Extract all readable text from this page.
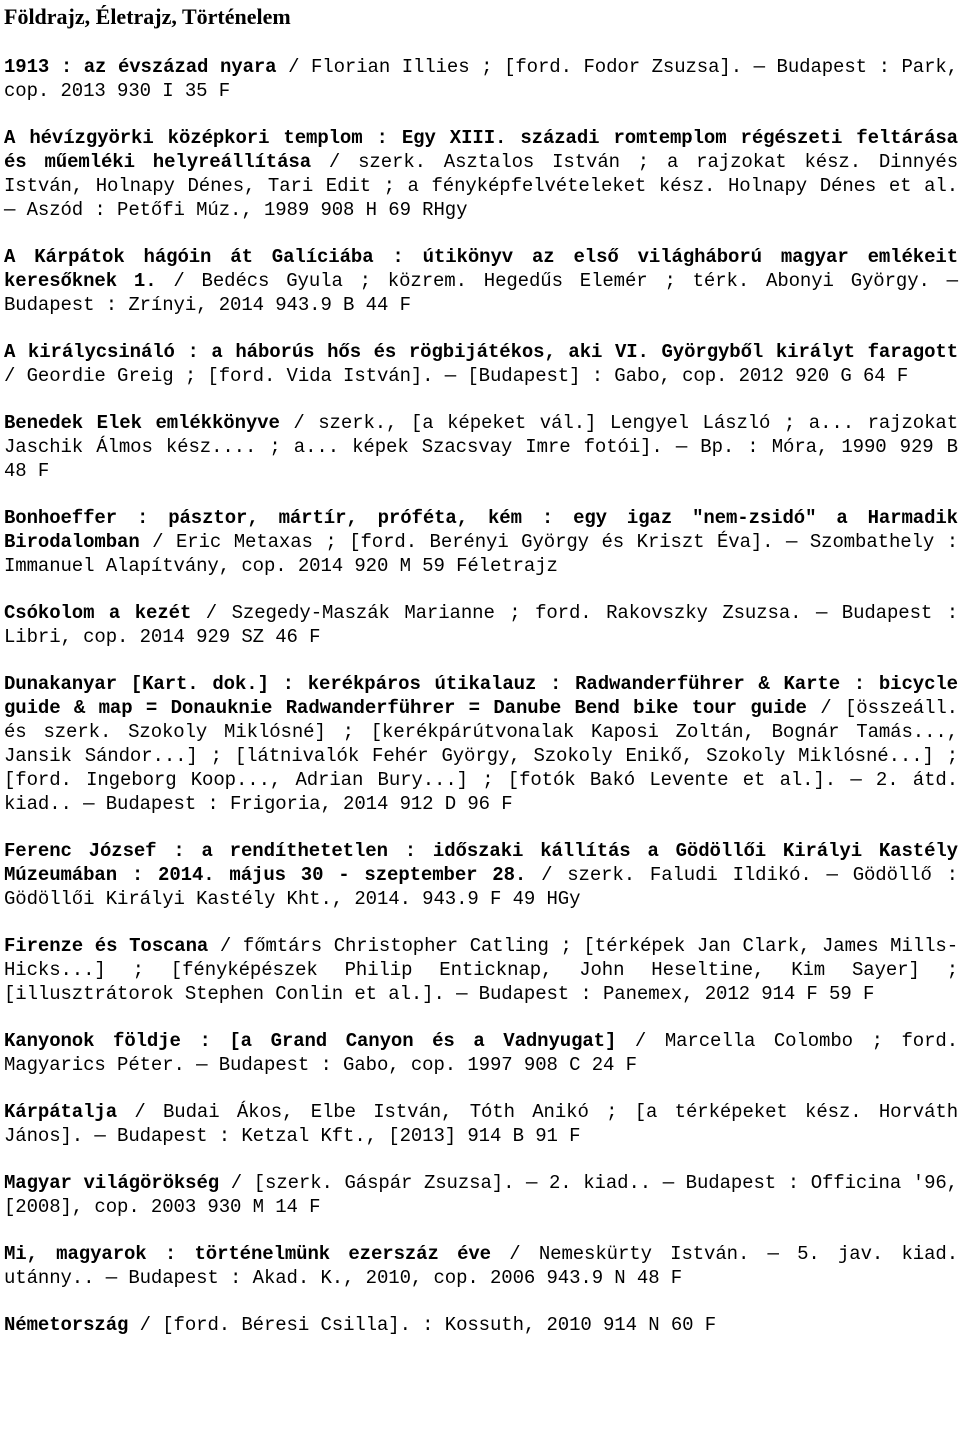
Földrajz, Életrajz, Történelem
1913 : az évszázad nyara / Florian Illies ; [ford. Fodor Zsuzsa]. — Budapest : Park, cop. 2013 930 I 35 F
A hévízgyörki középkori templom : Egy XIII. századi romtemplom régészeti feltárása és műemléki helyreállítása / szerk. Asztalos István ; a rajzokat kész. Dinnyés István, Holnapy Dénes, Tari Edit ; a fényképfelvételeket kész. Holnapy Dénes et al. — Aszód : Petőfi Múz., 1989 908 H 69 RHgy
A Kárpátok hágóin át Galíciába : útikönyv az első világháború magyar emlékeit keresőknek 1. / Bedécs Gyula ; közrem. Hegedűs Elemér ; térk. Abonyi György. — Budapest : Zrínyi, 2014 943.9 B 44 F
A királycsináló : a háborús hős és rögbijátékos, aki VI. Györgyből királyt faragott / Geordie Greig ; [ford. Vida István]. — [Budapest] : Gabo, cop. 2012 920 G 64 F
Benedek Elek emlékkönyve / szerk., [a képeket vál.] Lengyel László ; a... rajzokat Jaschik Álmos kész.... ; a... képek Szacsvay Imre fotói]. — Bp. : Móra, 1990 929 B 48 F
Bonhoeffer : pásztor, mártír, próféta, kém : egy igaz "nem-zsidó" a Harmadik Birodalomban / Eric Metaxas ; [ford. Berényi György és Kriszt Éva]. — Szombathely : Immanuel Alapítvány, cop. 2014 920 M 59 Féletrajz
Csókolom a kezét / Szegedy-Maszák Marianne ; ford. Rakovszky Zsuzsa. — Budapest : Libri, cop. 2014 929 SZ 46 F
Dunakanyar [Kart. dok.] : kerékpáros útikalauz : Radwanderführer & Karte : bicycle guide & map = Donauknie Radwanderführer = Danube Bend bike tour guide / [összeáll. és szerk. Szokoly Miklósné] ; [kerékpárútvonalak Kaposi Zoltán, Bognár Tamás..., Jansik Sándor...] ; [látnivalók Fehér György, Szokoly Enikő, Szokoly Miklósné...] ; [ford. Ingeborg Koop..., Adrian Bury...] ; [fotók Bakó Levente et al.]. — 2. átd. kiad.. — Budapest : Frigoria, 2014 912 D 96 F
Ferenc József : a rendíthetetlen : időszaki kállítás a Gödöllői Királyi Kastély Múzeumában : 2014. május 30 - szeptember 28. / szerk. Faludi Ildikó. — Gödöllő : Gödöllői Királyi Kastély Kht., 2014. 943.9 F 49 HGy
Firenze és Toscana / főmtárs Christopher Catling ; [térképek Jan Clark, James Mills-Hicks...] ; [fényképészek Philip Enticknap, John Heseltine, Kim Sayer] ; [illusztrátorok Stephen Conlin et al.]. — Budapest : Panemex, 2012 914 F 59 F
Kanyonok földje : [a Grand Canyon és a Vadnyugat] / Marcella Colombo ; ford. Magyarics Péter. — Budapest : Gabo, cop. 1997 908 C 24 F
Kárpátalja / Budai Ákos, Elbe István, Tóth Anikó ; [a térképeket kész. Horváth János]. — Budapest : Ketzal Kft., [2013] 914 B 91 F
Magyar világörökség / [szerk. Gáspár Zsuzsa]. — 2. kiad.. — Budapest : Officina '96, [2008], cop. 2003 930 M 14 F
Mi, magyarok : történelmünk ezerszáz éve / Nemeskürty István. — 5. jav. kiad. utánny.. — Budapest : Akad. K., 2010, cop. 2006 943.9 N 48 F
Németország / [ford. Béresi Csilla]. : Kossuth, 2010 914 N 60 F
